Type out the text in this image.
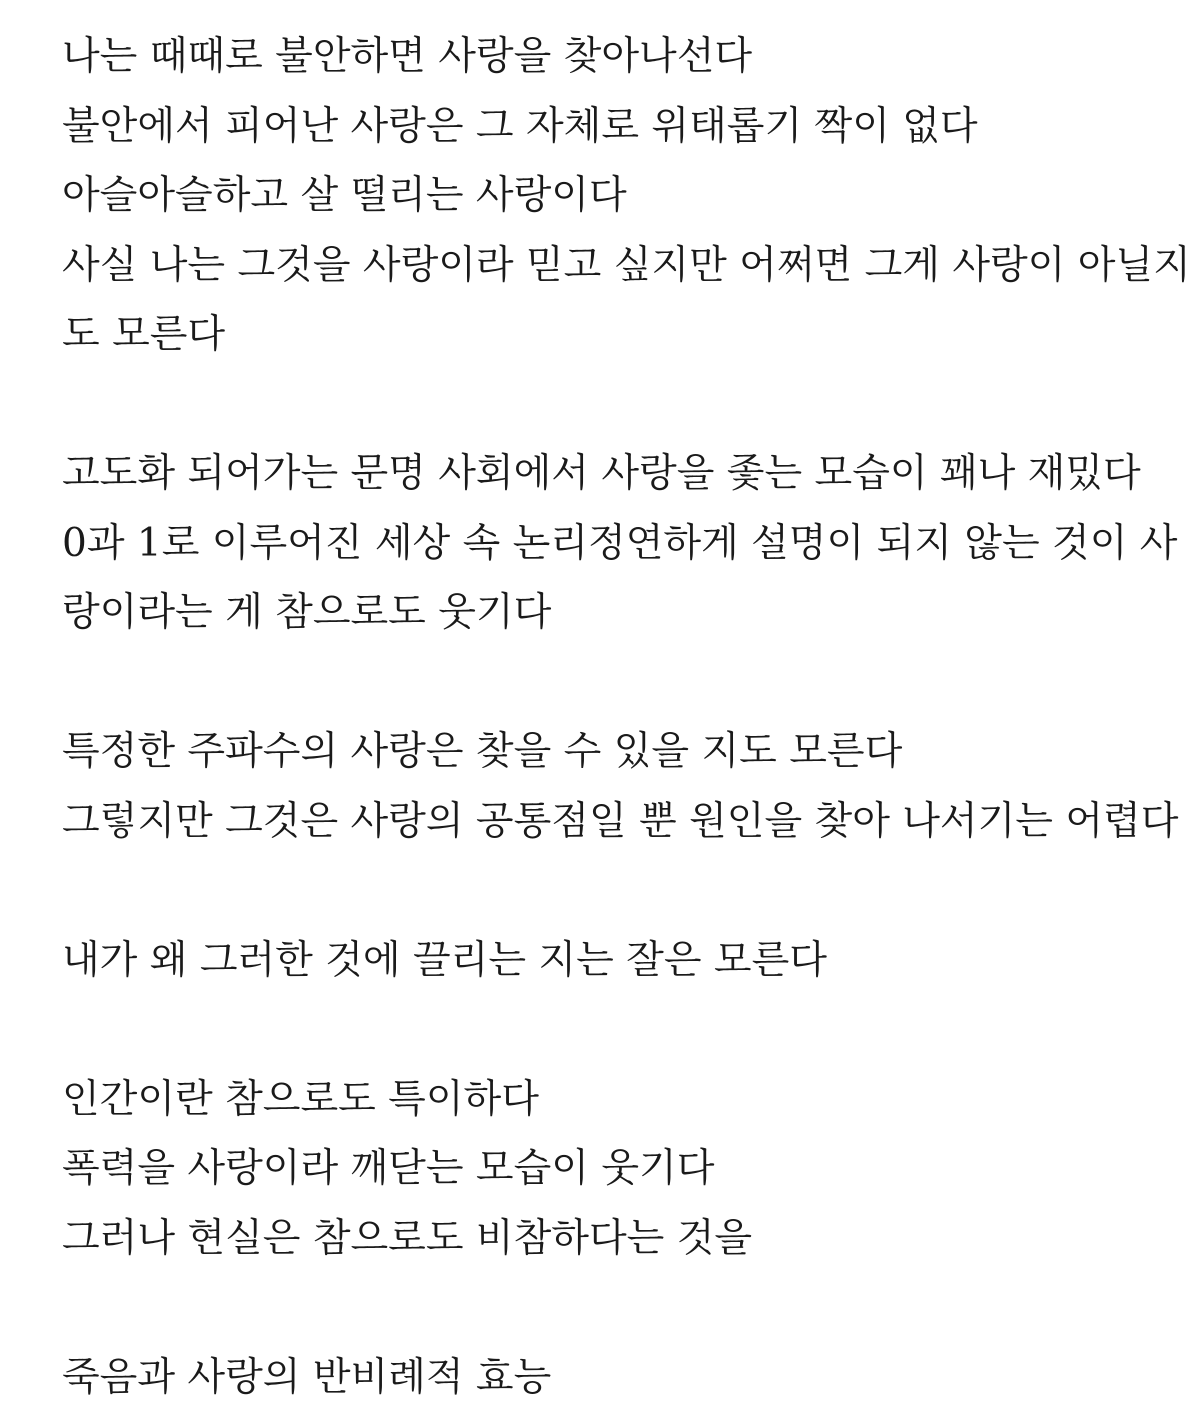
나는 때때로 불안하면 사랑을 찾아나선다
불안에서 피어난 사랑은 그 자체로 위태롭기 짝이 없다
아슬아슬하고 살 떨리는 사랑이다
사실 나는 그것을 사랑이라 믿고 싶지만 어쩌면 그게 사랑이 아닐지
도 모른다
고도화 되어가는 문명 사회에서 사랑을 좇는 모습이 꽤나 재밌다
0과 1로 이루어진 세상 속 논리정연하게 설명이 되지 않는 것이 사
랑이라는 게 참으로도 웃기다
특정한 주파수의 사랑은 찾을 수 있을 지도 모른다
그렇지만 그것은 사랑의 공통점일 뿐 원인을 찾아 나서기는 어렵다
내가 왜 그러한 것에 끌리는 지는 잘은 모른다
인간이란 참으로도 특이하다
폭력을 사랑이라 깨닫는 모습이 웃기다
그러나 현실은 참으로도 비참하다는 것을
죽음과 사랑의 반비례적 효능
